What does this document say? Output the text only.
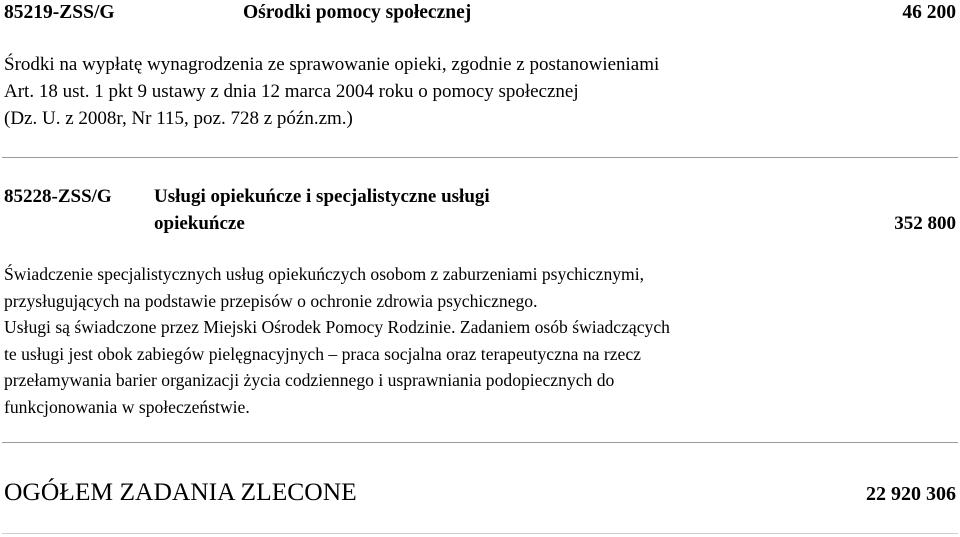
85219-ZSS/G	Ośrodki pomocy społecznej	46 200
Środki na wypłatę wynagrodzenia ze sprawowanie opieki, zgodnie z postanowieniami
Art. 18 ust. 1 pkt 9 ustawy z dnia 12 marca 2004 roku o pomocy społecznej
(Dz. U. z 2008r, Nr 115, poz. 728 z późn.zm.)
85228-ZSS/G Usługi opiekuńcze i specjalistyczne usługi
opiekuńcze	352 800
Świadczenie specjalistycznych usług opiekuńczych osobom z zaburzeniami psychicznymi,
przysługujących na podstawie przepisów o ochronie zdrowia psychicznego.
Usługi są świadczone przez Miejski Ośrodek Pomocy Rodzinie. Zadaniem osób świadczących
te usługi jest obok zabiegów pielęgnacyjnych – praca socjalna oraz terapeutyczna na rzecz
przełamywania barier organizacji życia codziennego i usprawniania podopiecznych do
funkcjonowania w społeczeństwie.
OGÓŁEM ZADANIA ZLECONE	22 920 306
